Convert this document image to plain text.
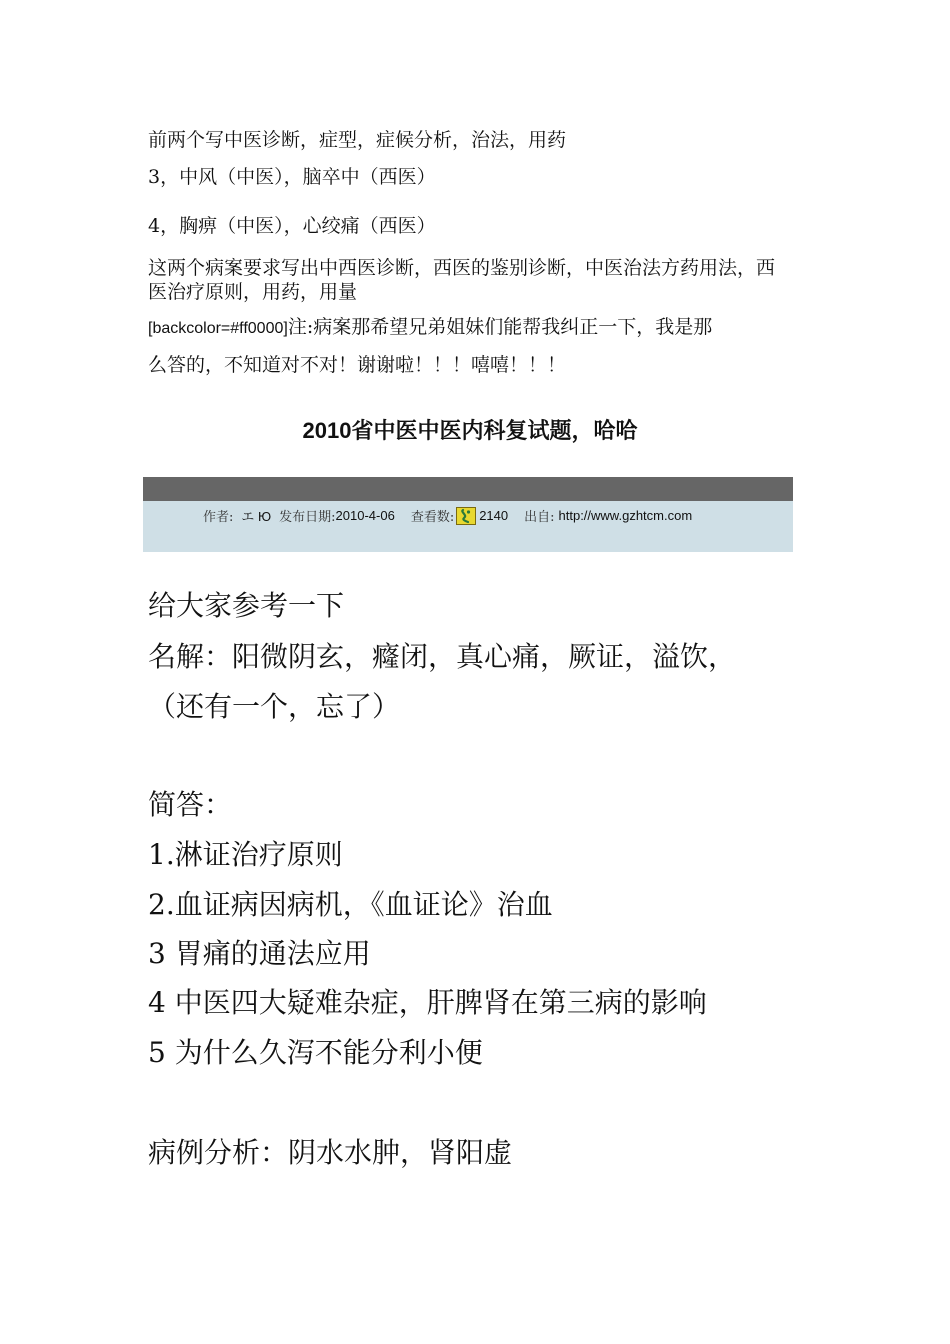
前两个写中医诊断，症型，症候分析，治法，用药
3，中风（中医），脑卒中（西医）
4，胸痹（中医），心绞痛（西医）
这两个病案要求写出中西医诊断，西医的鉴别诊断，中医治法方药用法，西医治疗原则，用药，用量
[backcolor=#ff0000]注:病案那希望兄弟姐妹们能帮我纠正一下，我是那
么答的，不知道对不对！谢谢啦！！！嘻嘻！！！
2010省中医中医内科复试题，哈哈
作者: エ Ю 发布日期: 2010-4-06 查看数: 2140 出自: http://www.gzhtcm.com
给大家参考一下
名解：阳微阴玄，癃闭，真心痛，厥证，溢饮，
（还有一个，忘了）
简答：
1.淋证治疗原则
2.血证病因病机，《血证论》治血
3 胃痛的通法应用
4 中医四大疑难杂症，肝脾肾在第三病的影响
5 为什么久泻不能分利小便
病例分析：阴水水肿，肾阳虚
